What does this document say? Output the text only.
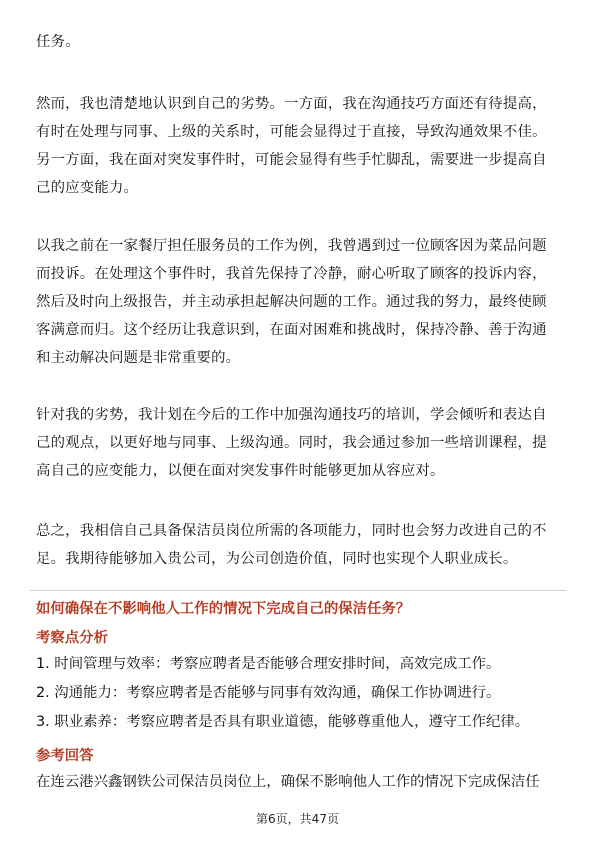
任务。

然而，我也清楚地认识到自己的劣势。一方面，我在沟通技巧方面还有待提高，有时在处理与同事、上级的关系时，可能会显得过于直接，导致沟通效果不佳。另一方面，我在面对突发事件时，可能会显得有些手忙脚乱，需要进一步提高自己的应变能力。

以我之前在一家餐厅担任服务员的工作为例，我曾遇到过一位顾客因为菜品问题而投诉。在处理这个事件时，我首先保持了冷静，耐心听取了顾客的投诉内容，然后及时向上级报告，并主动承担起解决问题的工作。通过我的努力，最终使顾客满意而归。这个经历让我意识到，在面对困难和挑战时，保持冷静、善于沟通和主动解决问题是非常重要的。

针对我的劣势，我计划在今后的工作中加强沟通技巧的培训，学会倾听和表达自己的观点，以更好地与同事、上级沟通。同时，我会通过参加一些培训课程，提高自己的应变能力，以便在面对突发事件时能够更加从容应对。

总之，我相信自己具备保洁员岗位所需的各项能力，同时也会努力改进自己的不足。我期待能够加入贵公司，为公司创造价值，同时也实现个人职业成长。

如何确保在不影响他人工作的情况下完成自己的保洁任务？

考察点分析

1. 时间管理与效率：考察应聘者是否能够合理安排时间，高效完成工作。

2. 沟通能力：考察应聘者是否能够与同事有效沟通，确保工作协调进行。

3. 职业素养：考察应聘者是否具有职业道德，能够尊重他人，遵守工作纪律。

参考回答

在连云港兴鑫钢铁公司保洁员岗位上，确保不影响他人工作的情况下完成保洁任

第6页，共47页
